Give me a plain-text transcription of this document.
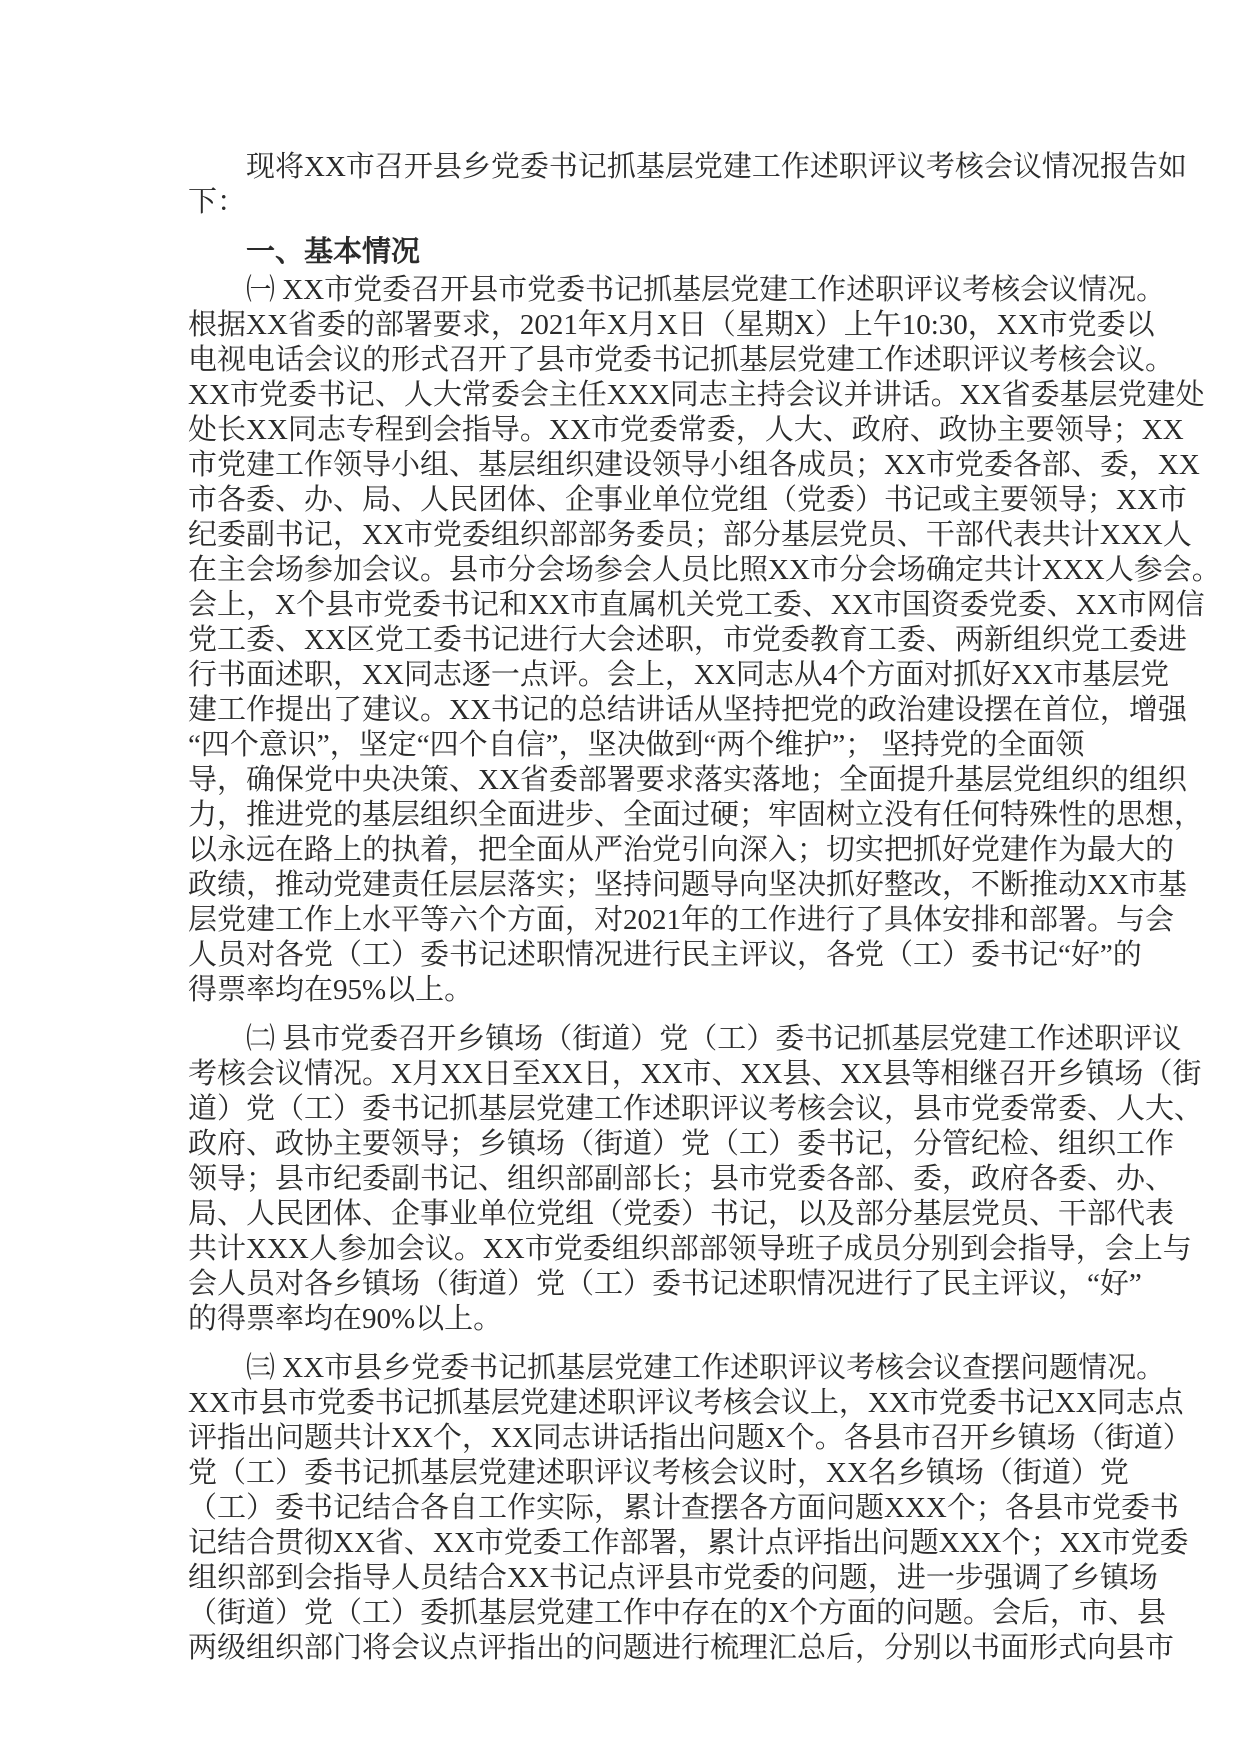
现将XX市召开县乡党委书记抓基层党建工作述职评议考核会议情况报告如
下：
一、基本情况
㈠ XX市党委召开县市党委书记抓基层党建工作述职评议考核会议情况。
根据XX省委的部署要求，2021年X月X日（星期X）上午10:30，XX市党委以
电视电话会议的形式召开了县市党委书记抓基层党建工作述职评议考核会议。
XX市党委书记、人大常委会主任XXX同志主持会议并讲话。XX省委基层党建处
处长XX同志专程到会指导。XX市党委常委，人大、政府、政协主要领导；XX
市党建工作领导小组、基层组织建设领导小组各成员；XX市党委各部、委，XX
市各委、办、局、人民团体、企事业单位党组（党委）书记或主要领导；XX市
纪委副书记，XX市党委组织部部务委员；部分基层党员、干部代表共计XXX人
在主会场参加会议。县市分会场参会人员比照XX市分会场确定共计XXX人参会。
会上，X个县市党委书记和XX市直属机关党工委、XX市国资委党委、XX市网信
党工委、XX区党工委书记进行大会述职，市党委教育工委、两新组织党工委进
行书面述职，XX同志逐一点评。会上，XX同志从4个方面对抓好XX市基层党
建工作提出了建议。XX书记的总结讲话从坚持把党的政治建设摆在首位，增强
“四个意识”，坚定“四个自信”，坚决做到“两个维护”； 坚持党的全面领
导，确保党中央决策、XX省委部署要求落实落地；全面提升基层党组织的组织
力，推进党的基层组织全面进步、全面过硬；牢固树立没有任何特殊性的思想，
以永远在路上的执着，把全面从严治党引向深入；切实把抓好党建作为最大的
政绩，推动党建责任层层落实；坚持问题导向坚决抓好整改，不断推动XX市基
层党建工作上水平等六个方面，对2021年的工作进行了具体安排和部署。与会
人员对各党（工）委书记述职情况进行民主评议，各党（工）委书记“好”的
得票率均在95%以上。
㈡ 县市党委召开乡镇场（街道）党（工）委书记抓基层党建工作述职评议
考核会议情况。X月XX日至XX日，XX市、XX县、XX县等相继召开乡镇场（街
道）党（工）委书记抓基层党建工作述职评议考核会议，县市党委常委、人大、
政府、政协主要领导；乡镇场（街道）党（工）委书记，分管纪检、组织工作
领导；县市纪委副书记、组织部副部长；县市党委各部、委，政府各委、办、
局、人民团体、企事业单位党组（党委）书记，以及部分基层党员、干部代表
共计XXX人参加会议。XX市党委组织部部领导班子成员分别到会指导，会上与
会人员对各乡镇场（街道）党（工）委书记述职情况进行了民主评议，“好”
的得票率均在90%以上。
㈢ XX市县乡党委书记抓基层党建工作述职评议考核会议查摆问题情况。
XX市县市党委书记抓基层党建述职评议考核会议上，XX市党委书记XX同志点
评指出问题共计XX个，XX同志讲话指出问题X个。各县市召开乡镇场（街道）
党（工）委书记抓基层党建述职评议考核会议时，XX名乡镇场（街道）党
（工）委书记结合各自工作实际，累计查摆各方面问题XXX个；各县市党委书
记结合贯彻XX省、XX市党委工作部署，累计点评指出问题XXX个；XX市党委
组织部到会指导人员结合XX书记点评县市党委的问题，进一步强调了乡镇场
（街道）党（工）委抓基层党建工作中存在的X个方面的问题。会后，市、县
两级组织部门将会议点评指出的问题进行梳理汇总后，分别以书面形式向县市
